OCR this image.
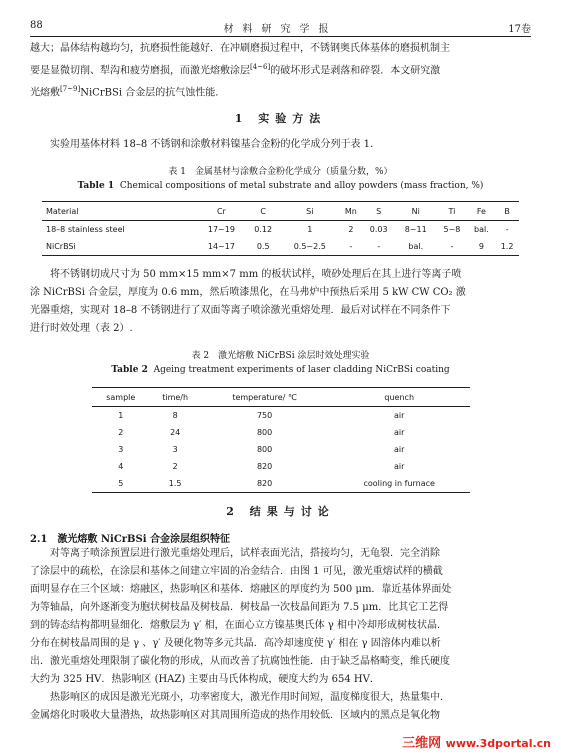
88	材料研究学报	17卷
越大；晶体结构越均匀，抗磨损性能越好．在冲刷磨损过程中，不锈钢奥氏体基体的磨损机制主
要是显微切削、犁沟和疲劳磨损，而激光熔敷涂层[4~6]的破坏形式是剥落和碎裂．本文研究激
光熔敷[7~9]NiCrBSi 合金层的抗气蚀性能．
1 实验方法
实验用基体材料 18–8 不锈钢和涂敷材料镍基合金粉的化学成分列于表 1.
表 1　金属基材与涂敷合金粉化学成分（质量分数，%）
Table 1 Chemical compositions of metal substrate and alloy powders (mass fraction, %)
Material	Cr	C	Si	Mn	S	Ni	Ti	Fe	B
18–8 stainless steel	17~19	0.12	1	2	0.03	8~11	5~8	bal.	-
NiCrBSi	14~17	0.5	0.5~2.5	-	-	bal.	-	9	1.2
将不锈钢切成尺寸为 50 mm×15 mm×7 mm 的板状试样，喷砂处理后在其上进行等离子喷
涂 NiCrBSi 合金层，厚度为 0.6 mm，然后喷漆黑化，在马弗炉中预热后采用 5 kW CW CO₂ 激
光器重熔，实现对 18–8 不锈钢进行了双面等离子喷涂激光重熔处理．最后对试样在不同条件下
进行时效处理（表 2）.
表 2　激光熔敷 NiCrBSi 涂层时效处理实验
Table 2 Ageing treatment experiments of laser cladding NiCrBSi coating
sample	time/h	temperature/ ℃	quench
1	8	750	air
2	24	800	air
3	3	800	air
4	2	820	air
5	1.5	820	cooling in furnace
2 结果与讨论
2.1　激光熔敷 NiCrBSi 合金涂层组织特征
对等离子喷涂预置层进行激光重熔处理后，试样表面光洁，搭接均匀，无龟裂．完全消除
了涂层中的疏松，在涂层和基体之间建立牢固的冶金结合．由图 1 可见，激光重熔试样的横截
面明显存在三个区域：熔融区，热影响区和基体．熔融区的厚度约为 500 μm．靠近基体界面处
为等轴晶，向外逐渐变为胞状树枝晶及树枝晶．树枝晶一次枝晶间距为 7.5 μm．比其它工艺得
到的铸态结构都明显细化．熔敷层为 γ′ 相，在面心立方镍基奥氏体 γ 相中冷却形成树枝状晶．
分布在树枝晶周围的是 γ 、γ′ 及硬化物等多元共晶．高冷却速度使 γ′ 相在 γ 固溶体内难以析
出．激光重熔处理限制了碳化物的形成，从而改善了抗腐蚀性能．由于缺乏晶格畸变，维氏硬度
大约为 325 HV．热影响区 (HAZ) 主要由马氏体构成，硬度大约为 654 HV．
热影响区的成因是激光光斑小，功率密度大，激光作用时间短，温度梯度很大，热量集中．
金属熔化时吸收大量潜热，故热影响区对其周围所造成的热作用较低．区域内的黑点是氧化物
三维网 www.3dportal.cn
